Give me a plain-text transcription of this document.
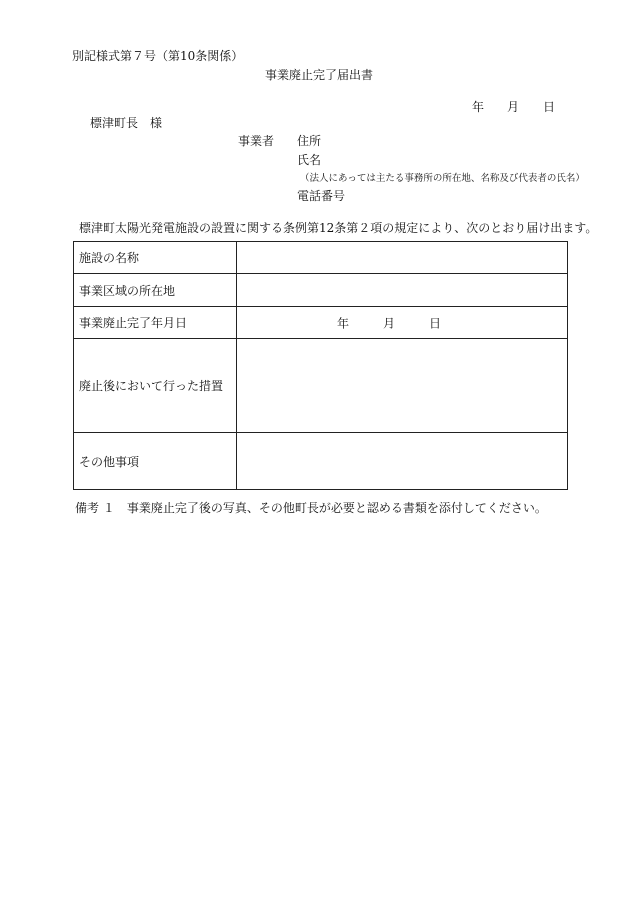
別記様式第７号（第10条関係）
事業廃止完了届出書
年 月 日
標津町長　様
事業者 住所
氏名
（法人にあっては主たる事務所の所在地、名称及び代表者の氏名）
電話番号
標津町太陽光発電施設の設置に関する条例第12条第２項の規定により、次のとおり届け出ます。
施設の名称	
事業区域の所在地	
事業廃止完了年月日	年 月 日

廃止後において行った措置	
その他事項	
備考 １　事業廃止完了後の写真、その他町長が必要と認める書類を添付してください。
